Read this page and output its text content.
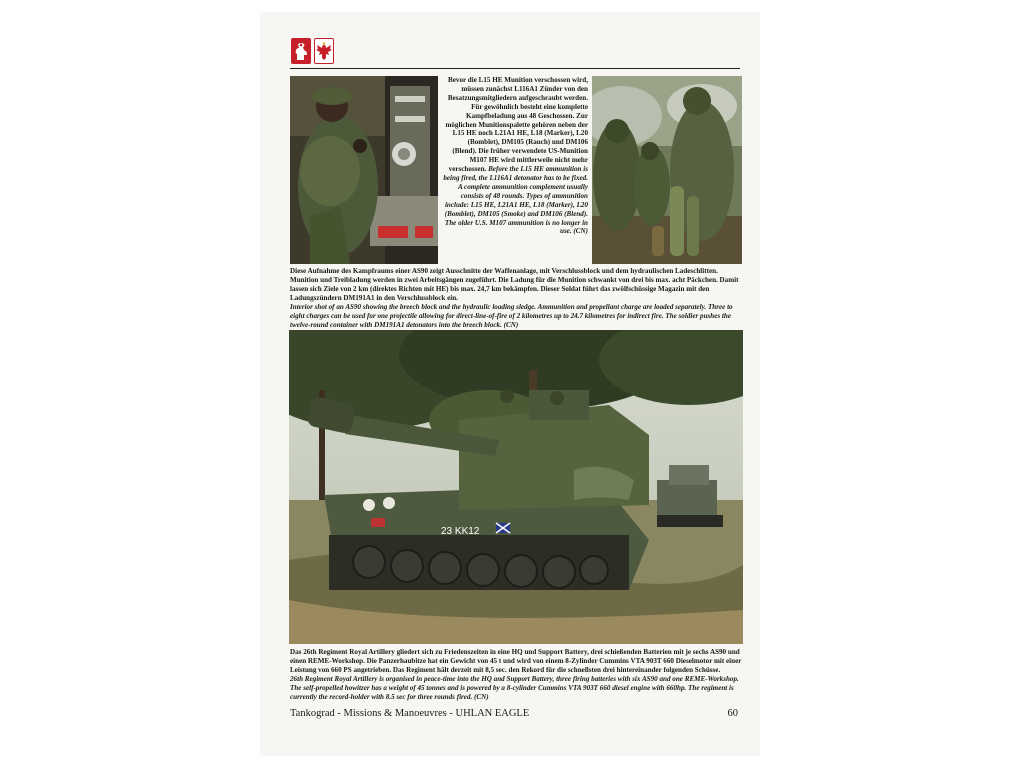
Bevor die L15 HE Munition verschossen wird, müssen zunächst L116A1 Zünder von den Besatzungsmitgliedern aufgeschraubt werden. Für gewöhnlich besteht eine komplette Kampfbeladung aus 48 Geschossen. Zur möglichen Munitionspalette gehören neben der L15 HE noch L21A1 HE, L18 (Marker), L20 (Bomblet), DM105 (Rauch) und DM106 (Blend). Die früher verwendete US-Munition M107 HE wird mittlerweile nicht mehr verschossen. Before the L15 HE ammunition is being fired, the L116A1 detonator has to be fixed. A complete ammunition complement usually consists of 48 rounds. Types of ammunition include: L15 HE, L21A1 HE, L18 (Marker), L20 (Bomblet), DM105 (Smoke) and DM106 (Blend). The older U.S. M107 ammunition is no longer in use. (CN)
Diese Aufnahme des Kampfraums einer AS90 zeigt Ausschnitte der Waffenanlage, mit Verschlussblock und dem hydraulischen Ladeschlitten. Munition und Treibladung werden in zwei Arbeitsgängen zugeführt. Die Ladung für die Munition schwankt von drei bis max. acht Päckchen. Damit lassen sich Ziele von 2 km (direktes Richten mit HE) bis max. 24,7 km bekämpfen. Dieser Soldat führt das zwölfschüssige Magazin mit den Ladungszündern DM191A1 in den Verschlussblock ein.
Interior shot of an AS90 showing the breech block and the hydraulic loading sledge. Ammunition and propellant charge are loaded separately. Three to eight charges can be used for one projectile allowing for direct-line-of-fire of 2 kilometres up to 24.7 kilometres for indirect fire. The soldier pushes the twelve-round container with DM191A1 detonators into the breech block. (CN)
23 KK12
Das 26th Regiment Royal Artillery gliedert sich zu Friedenszeiten in eine HQ und Support Battery, drei schießenden Batterien mit je sechs AS90 und einen REME-Workshop. Die Panzerhaubitze hat ein Gewicht von 45 t und wird von einem 8-Zylinder Cummins VTA 903T 660 Dieselmotor mit einer Leistung von 660 PS angetrieben. Das Regiment hält derzeit mit 8,5 sec. den Rekord für die schnellsten drei hintereinander folgenden Schüsse.
26th Regiment Royal Artillery is organised in peace-time into the HQ and Support Battery, three firing batteries with six AS90 and one REME-Workshop. The self-propelled howitzer has a weight of 45 tonnes and is powered by a 8-cylinder Cummins VTA 903T 660 diesel engine with 660hp. The regiment is currently the record-holder with 8.5 sec for three rounds fired. (CN)
Tankograd - Missions & Manoeuvres - UHLAN EAGLE	60
